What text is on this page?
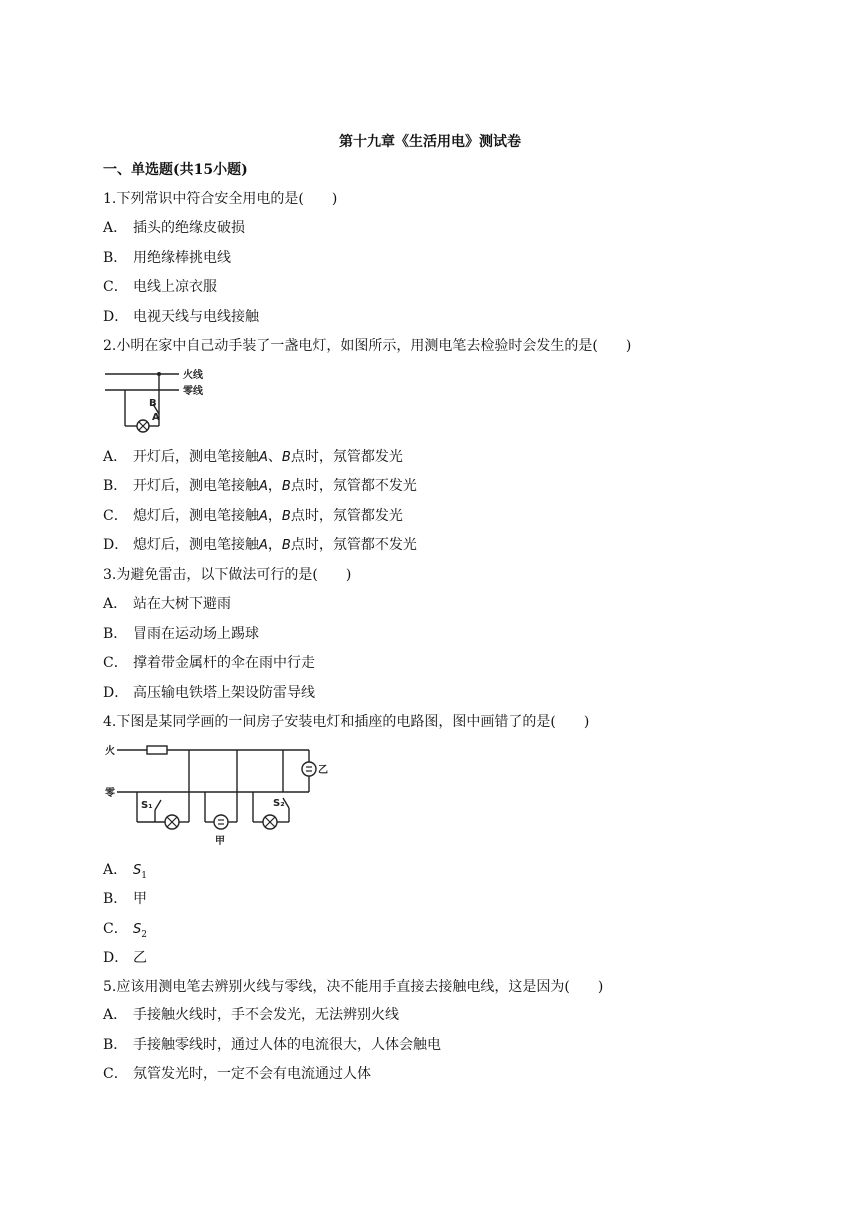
第十九章《生活用电》测试卷
一、单选题(共15小题)
1.下列常识中符合安全用电的是(　　)
A． 插头的绝缘皮破损
B． 用绝缘棒挑电线
C． 电线上凉衣服
D． 电视天线与电线接触
2.小明在家中自己动手装了一盏电灯，如图所示，用测电笔去检验时会发生的是(　　)
火线
零线
B
A
A． 开灯后，测电笔接触A、B点时，氖管都发光
B． 开灯后，测电笔接触A，B点时，氖管都不发光
C． 熄灯后，测电笔接触A，B点时，氖管都发光
D． 熄灯后，测电笔接触A，B点时，氖管都不发光
3.为避免雷击，以下做法可行的是(　　)
A． 站在大树下避雨
B． 冒雨在运动场上踢球
C． 撑着带金属杆的伞在雨中行走
D． 高压输电铁塔上架设防雷导线
4.下图是某同学画的一间房子安装电灯和插座的电路图，图中画错了的是(　　)
火
零
乙
S₁
甲
S₂
A． $S_1$
B． 甲
C． $S_2$
D． 乙
5.应该用测电笔去辨别火线与零线，决不能用手直接去接触电线，这是因为(　　)
A． 手接触火线时，手不会发光，无法辨别火线
B． 手接触零线时，通过人体的电流很大，人体会触电
C． 氖管发光时，一定不会有电流通过人体
